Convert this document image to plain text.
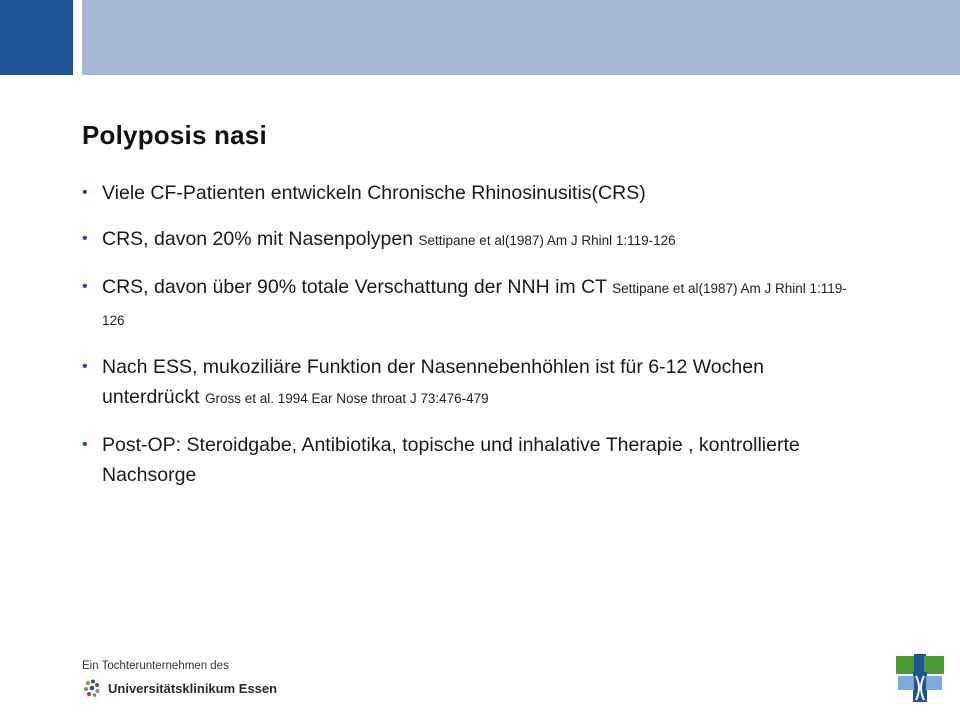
Polyposis nasi
• Viele CF-Patienten entwickeln Chronische Rhinosinusitis(CRS)
• CRS, davon 20% mit Nasenpolypen Settipane et al(1987) Am J Rhinl 1:119-126
• CRS, davon über 90% totale Verschattung der NNH im CT Settipane et al(1987) Am J Rhinl 1:119-126
• Nach ESS, mukoziliäre Funktion der Nasennebenhöhlen ist für 6-12 Wochen unterdrückt Gross et al. 1994 Ear Nose throat J 73:476-479
• Post-OP: Steroidgabe, Antibiotika, topische und inhalative Therapie , kontrollierte Nachsorge
Ein Tochterunternehmen des
Universitätsklinikum Essen
